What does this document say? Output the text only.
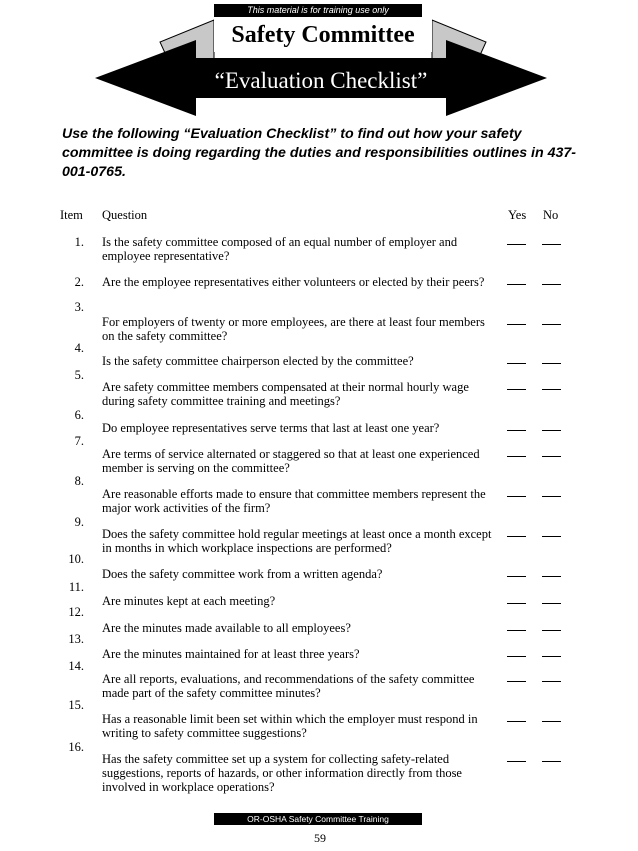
This material is for training use only
Safety Committee
“Evaluation Checklist”
Use the following “Evaluation Checklist” to find out how your safety committee is doing regarding the duties and responsibilities outlines in 437-001-0765.
Item Question	Yes No
1. Is the safety committee composed of an equal number of employer and employee representative?
2. Are the employee representatives either volunteers or elected by their peers?
3.
For employers of twenty or more employees, are there at least four members on the safety committee?
4.
Is the safety committee chairperson elected by the committee?
5.
Are safety committee members compensated at their normal hourly wage during safety committee training and meetings?
6.
Do employee representatives serve terms that last at least one year?
7.
Are terms of service alternated or staggered so that at least one experienced member is serving on the committee?
8.
Are reasonable efforts made to ensure that committee members represent the major work activities of the firm?
9.
Does the safety committee hold regular meetings at least once a month except in months in which workplace inspections are performed?
10.
Does the safety committee work from a written agenda?
11.
Are minutes kept at each meeting?
12.
Are the minutes made available to all employees?
13.
Are the minutes maintained for at least three years?
14.
Are all reports, evaluations, and recommendations of the safety committee made part of the safety committee minutes?
15.
Has a reasonable limit been set within which the employer must respond in writing to safety committee suggestions?
16.
Has the safety committee set up a system for collecting safety-related suggestions, reports of hazards, or other information directly from those involved in workplace operations?
OR-OSHA Safety Committee Training
59
